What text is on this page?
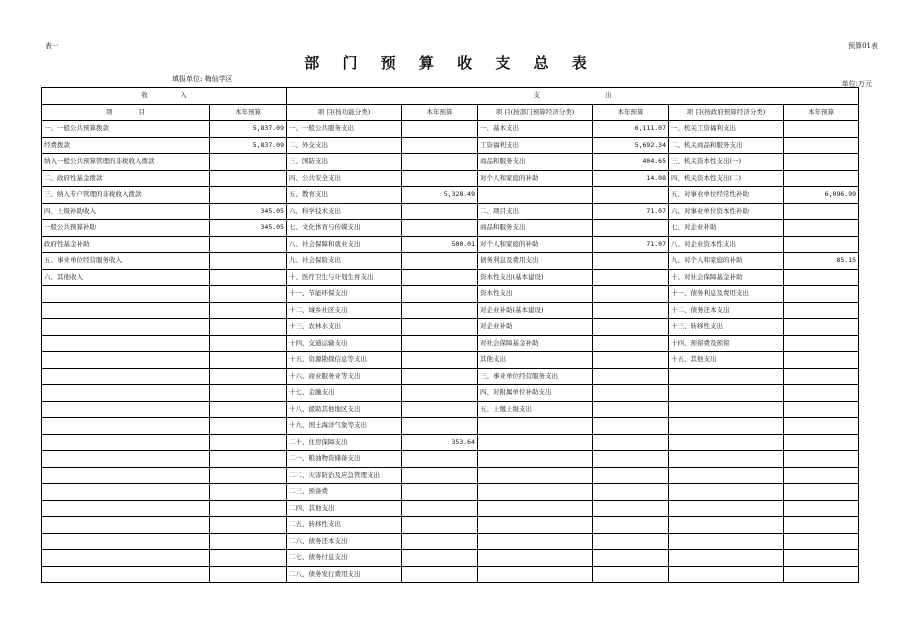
表一	预算01表
部 门 预 算 收 支 总 表
填报单位: 梅仙学区
单位:万元
收　　　　　入		支　　　　　　　　　　出					
项　　　　目	本年预算	项 目(按功能分类)	本年预算	项 目(按部门预算经济分类)	本年预算	项 目(按政府预算经济分类)	本年预算
一、一般公共预算拨款	5,837.09	一、一般公共服务支出		一、基本支出	6,111.07	一、机关工资福利支出	
经费拨款	5,837.09	二、外交支出		工资福利支出	5,692.34	二、机关商品和服务支出	
纳入一般公共预算管理的非税收入拨款		三、国防支出		商品和服务支出	404.65	三、机关资本性支出(一)	
二、政府性基金拨款		四、公共安全支出		对个人和家庭的补助	14.08	四、机关资本性支出(二)	
三、纳入专户管理的非税收入拨款		五、教育支出	5,328.49			五、对事业单位经常性补助	6,096.99
四、上级补助收入	345.05	六、科学技术支出		二、项目支出	71.07	六、对事业单位资本性补助	
一般公共预算补助	345.05	七、文化体育与传媒支出		商品和服务支出		七、对企业补助	
政府性基金补助		八、社会保障和就业支出	500.01	对个人和家庭的补助	71.07	八、对企业资本性支出	
五、事业单位经营服务收入		九、社会保险支出		债务利息及费用支出		九、对个人和家庭的补助	85.15
六、其他收入		十、医疗卫生与计划生育支出		资本性支出(基本建设)		十、对社会保障基金补助	
		十一、节能环保支出		资本性支出		十一、债务利息及费用支出	
		十二、城乡社区支出		对企业补助(基本建设)		十二、债务还本支出	
		十三、农林水支出		对企业补助		十三、转移性支出	
		十四、交通运输支出		对社会保障基金补助		十四、预留费及预留	
		十五、资源勘探信息等支出		其他支出		十五、其他支出	
		十六、商业服务业等支出		三、事业单位经营服务支出			
		十七、金融支出		四、对附属单位补助支出			
		十八、援助其他地区支出		五、上缴上级支出			
		十九、国土海洋气象等支出					
		二十、住房保障支出	353.64				
		二一、粮油物资储备支出					
		二二、灾害防治及应急管理支出					
		二三、预备费					
		二四、其他支出					
		二五、转移性支出					
		二六、债务还本支出					
		二七、债务付息支出					
		二八、债务发行费用支出					
